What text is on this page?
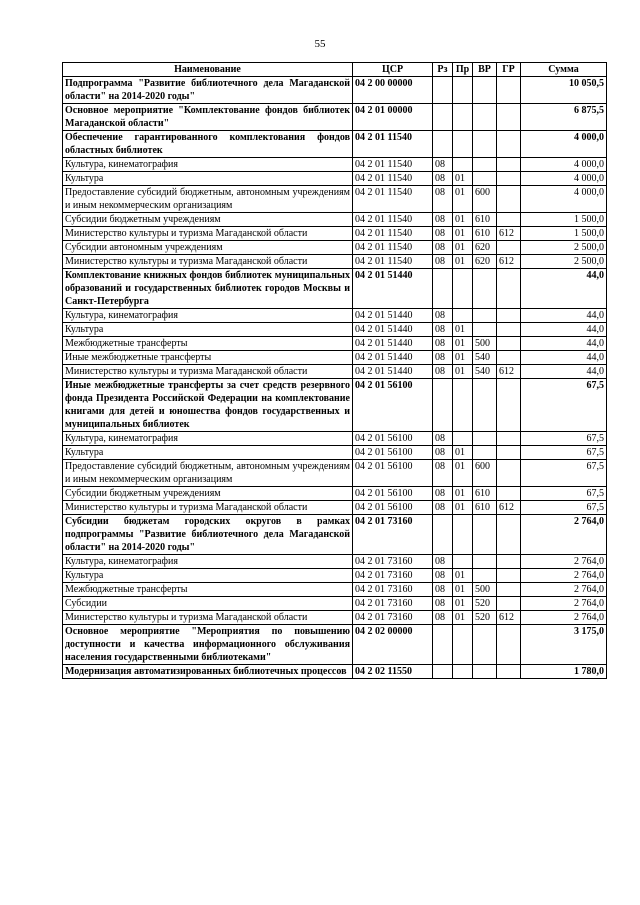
55
Наименование	ЦСР	Рз	Пр	ВР	ГР	Сумма
Подпрограмма "Развитие библиотечного дела Магаданской области" на 2014-2020 годы"	04 2 00 00000					10 050,5
Основное мероприятие "Комплектование фондов библиотек Магаданской области"	04 2 01 00000					6 875,5
Обеспечение гарантированного комплектования фондов областных библиотек	04 2 01 11540					4 000,0
Культура, кинематография	04 2 01 11540	08				4 000,0
Культура	04 2 01 11540	08	01			4 000,0
Предоставление субсидий бюджетным, автономным учреждениям и иным некоммерческим организациям	04 2 01 11540	08	01	600		4 000,0
Субсидии бюджетным учреждениям	04 2 01 11540	08	01	610		1 500,0
Министерство культуры и туризма Магаданской области	04 2 01 11540	08	01	610	612	1 500,0
Субсидии автономным учреждениям	04 2 01 11540	08	01	620		2 500,0
Министерство культуры и туризма Магаданской области	04 2 01 11540	08	01	620	612	2 500,0
Комплектование книжных фондов библиотек муниципальных образований и государственных библиотек городов Москвы и Санкт-Петербурга	04 2 01 51440					44,0
Культура, кинематография	04 2 01 51440	08				44,0
Культура	04 2 01 51440	08	01			44,0
Межбюджетные трансферты	04 2 01 51440	08	01	500		44,0
Иные межбюджетные трансферты	04 2 01 51440	08	01	540		44,0
Министерство культуры и туризма Магаданской области	04 2 01 51440	08	01	540	612	44,0
Иные межбюджетные трансферты за счет средств резервного фонда Президента Российской Федерации на комплектование книгами для детей и юношества фондов государственных и муниципальных библиотек	04 2 01 56100					67,5
Культура, кинематография	04 2 01 56100	08				67,5
Культура	04 2 01 56100	08	01			67,5
Предоставление субсидий бюджетным, автономным учреждениям и иным некоммерческим организациям	04 2 01 56100	08	01	600		67,5
Субсидии бюджетным учреждениям	04 2 01 56100	08	01	610		67,5
Министерство культуры и туризма Магаданской области	04 2 01 56100	08	01	610	612	67,5
Субсидии бюджетам городских округов в рамках подпрограммы "Развитие библиотечного дела Магаданской области" на 2014-2020 годы"	04 2 01 73160					2 764,0
Культура, кинематография	04 2 01 73160	08				2 764,0
Культура	04 2 01 73160	08	01			2 764,0
Межбюджетные трансферты	04 2 01 73160	08	01	500		2 764,0
Субсидии	04 2 01 73160	08	01	520		2 764,0
Министерство культуры и туризма Магаданской области	04 2 01 73160	08	01	520	612	2 764,0
Основное мероприятие "Мероприятия по повышению доступности и качества информационного обслуживания населения государственными библиотеками"	04 2 02 00000					3 175,0
Модернизация автоматизированных библиотечных процессов	04 2 02 11550					1 780,0
